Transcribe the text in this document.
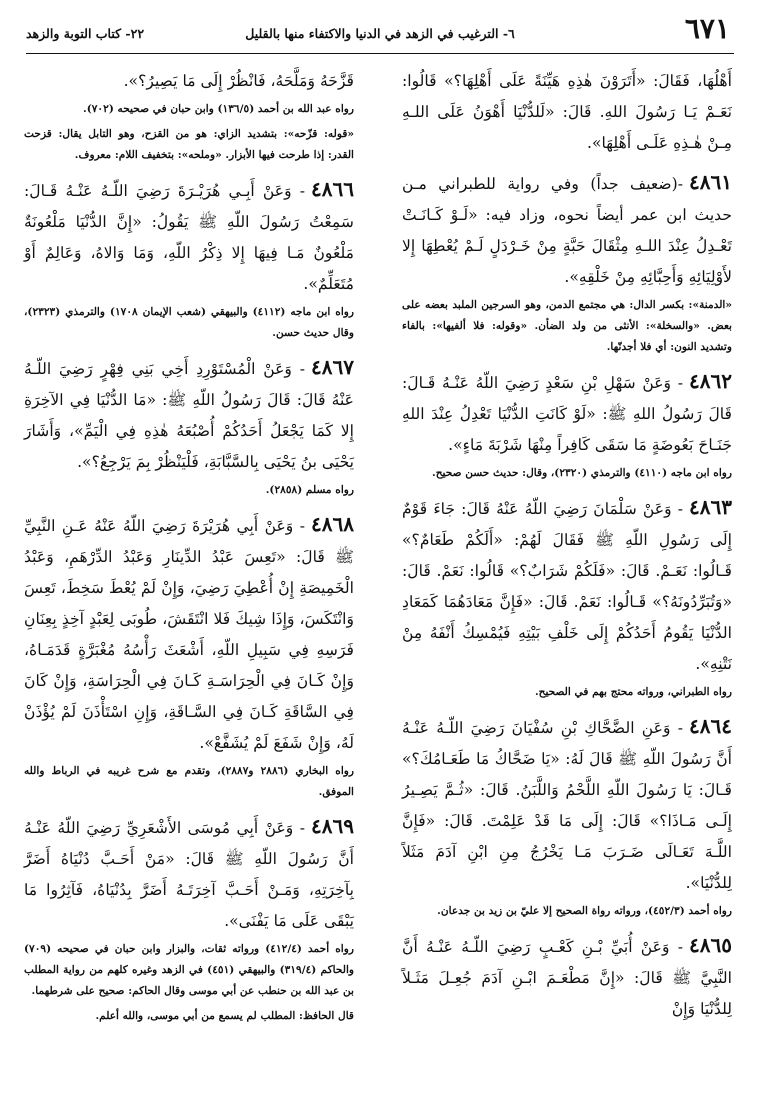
٦٧١
٦- الترغيب في الزهد في الدنيا والاكتفاء منها بالقليل
٢٢- كتاب التوبة والزهد

أَهْلُهَا، فَقَالَ: «أَتَرَوْنَ هٰذِهِ هَيِّنَةً عَلَى أَهْلِهَا؟» قَالُوا: نَعَـمْ يَـا رَسُولَ اللهِ. قَالَ: «لَلدُّنْيَا أَهْوَنُ عَلَى اللـهِ مِـنْ هٰـذِهِ عَلَـى أَهْلِهَا».

٤٨٦١-(ضعيف جداً) وفي رواية للطبراني مـن حديث ابن عمر أيضاً نحوه، وزاد فيه: «لَـوْ كَـانَـتْ تَعْـدِلُ عِنْدَ اللـهِ مِثْقَالَ حَبَّةٍ مِنْ خَـرْدَلٍ لَـمْ يُعْطِهَا إِلا لأَوْلِيَائِهِ وَأَحِبَّائِهِ مِنْ خَلْقِهِ».

«الدمنة»: بكسر الدال: هي مجتمع الدمن، وهو السرجين الملبد بعضه على بعض. «والسخلة»: الأنثى من ولد الضأن. «وقوله: فلا ألفيها»: بالفاء وتشديد النون: أي فلا أجدنّها.

٤٨٦٢- وَعَنْ سَهْلِ بْنِ سَعْدٍ رَضِيَ اللّهُ عَنْـهُ قَـالَ: قَالَ رَسُولُ اللهِ ﷺ: «لَوْ كَانَتِ الدُّنْيَا تَعْدِلُ عِنْدَ اللهِ جَنَـاحَ بَعُوضَةٍ مَا سَقَى كَافِراً مِنْهَا شَرْبَةَ مَاءٍ».

رواه ابن ماجه (٤١١٠) والترمذي (٢٣٢٠)، وقال: حديث حسن صحيح.

٤٨٦٣- وَعَنْ سَلْمَانَ رَضِيَ اللّهُ عَنْهُ قَالَ: جَاءَ قَوْمٌ إِلَى رَسُولِ اللّهِ ﷺ فَقَالَ لَهُمْ: «أَلَكُمْ طَعَامٌ؟» قَـالُوا: نَعَـمْ. قَالَ: «فَلَكُمْ شَرَابٌ؟» قَالُوا: نَعَمْ. قَالَ: «وَتُبَرِّدُونَهُ؟» قَـالُوا: نَعَمْ. قَالَ: «فَإِنَّ مَعَادَهُمَا كَمَعَادِ الدُّنْيَا يَقُومُ أَحَدُكُمْ إِلَى خَلْفِ بَيْتِهِ فَيُمْسِكُ أَنْفَهُ مِنْ نَتْنِهِ».

رواه الطبراني، ورواته محتج بهم في الصحيح.

٤٨٦٤- وَعَنِ الضَّحَّاكِ بْنِ سُفْيَانَ رَضِيَ اللّـهُ عَنْـهُ أَنَّ رَسُولَ اللّهِ ﷺ قَالَ لَهُ: «يَا ضَحَّاكُ مَا طَعَـامُكَ؟» قَـالَ: يَا رَسُولَ اللّهِ اللَّحْمُ وَاللَّبَنُ. قَالَ: «ثُـمَّ يَصِـيرُ إِلَـى مَـاذَا؟» قَالَ: إِلَى مَا قَدْ عَلِمْتَ. قَالَ: «فَإِنَّ اللَّـهَ تَعَـالَى ضَـرَبَ مَـا يَخْرُجُ مِنِ ابْنِ آدَمَ مَثَلاً لِلدُّنْيَا».

رواه أحمد (٤٥٢/٣)، ورواته رواة الصحيح إلا عليّ بن زيد بن جدعان.

٤٨٦٥- وَعَنْ أُبَيِّ بْـنِ كَعْـبٍ رَضِيَ اللّـهُ عَنْـهُ أَنَّ النَّبِيَّ ﷺ قَالَ: «إِنَّ مَطْعَـمَ ابْـنِ آدَمَ جُعِـلَ مَثَـلاً لِلدُّنْيَا وَإِنْ

قَزَّحَهُ وَمَلَّحَهُ، فَانْظُرْ إِلَى مَا يَصِيرُ؟».

رواه عبد الله بن أحمد (١٣٦/٥) وابن حبان في صحيحه (٧٠٢).
«قوله: قزّحه»: بتشديد الزاي: هو من القزح، وهو التابل يقال: قزحت القدر: إذا طرحت فيها الأبزار. «وملحه»: بتخفيف اللام: معروف.

٤٨٦٦- وَعَنْ أَبِـي هُرَيْـرَةَ رَضِيَ اللّـهُ عَنْـهُ قَـالَ: سَمِعْتُ رَسُولَ اللّهِ ﷺ يَقُولُ: «إِنَّ الدُّنْيَا مَلْعُونَةٌ مَلْعُونٌ مَـا فِيهَا إِلا ذِكْرُ اللّهِ، وَمَا وَالاهُ، وَعَالِمٌ أَوْ مُتَعَلِّمٌ».

رواه ابن ماجه (٤١١٢) والبيهقي (شعب الإيمان ١٧٠٨) والترمذي (٢٣٢٣)، وقال حديث حسن.

٤٨٦٧- وَعَنْ الْمُسْتَوْرِدِ أَخِي بَنِي فِهْرٍ رَضِيَ اللّـهُ عَنْهُ قَالَ: قَالَ رَسُولُ اللّهِ ﷺ: «مَا الدُّنْيَا فِي الآخِرَةِ إِلا كَمَا يَجْعَلُ أَحَدُكُمْ أُصْبُعَهُ هٰذِهِ فِي الْيَمِّ»، وَأَشَارَ يَحْيَى بنُ يَحْيَى بِالسَّبَّابَةِ، فَلْيَنْظُرْ بِمَ يَرْجِعُ؟».

رواه مسلم (٢٨٥٨).

٤٨٦٨- وَعَنْ أَبِي هُرَيْرَةَ رَضِيَ اللّهُ عَنْهُ عَـنِ النَّبِيِّ ﷺ قَالَ: «تَعِسَ عَبْدُ الدِّينَارِ وَعَبْدُ الدِّرْهَمِ، وَعَبْدُ الْخَمِيصَةِ إِنْ أُعْطِيَ رَضِيَ، وَإِنْ لَمْ يُعْطَ سَخِطَ، تَعِسَ وَانْتَكَسَ، وَإِذَا شِيكَ فَلا انْتَقَشَ، طُوبَى لِعَبْدٍ آخِذٍ بِعِنَانِ فَرَسِهِ فِي سَبِيلِ اللّهِ، أَشْعَثَ رَأْسُهُ مُغْبَرَّةٍ قَدَمَـاهُ، وَإِنْ كَـانَ فِي الْحِرَاسَـةِ كَـانَ فِي الْحِرَاسَةِ، وَإِنْ كَانَ فِي السَّاقَةِ كَـانَ فِي السَّـاقَةِ، وَإِنِ اسْتَأْذَنَ لَمْ يُؤْذَنْ لَهُ، وَإِنْ شَفَعَ لَمْ يُشَفَّعْ».

رواه البخاري (٢٨٨٦ و٢٨٨٧)، وتقدم مع شرح غريبه في الرباط والله الموفق.

٤٨٦٩- وَعَنْ أَبِي مُوسَى الأَشْعَرِيِّ رَضِيَ اللّهُ عَنْـهُ أَنَّ رَسُولَ اللّهِ ﷺ قَالَ: «مَنْ أَحَـبَّ دُنْيَاهُ أَضَرَّ بِآخِرَتِهِ، وَمَـنْ أَحَـبَّ آخِرَتَـهُ أَضَرَّ بِدُنْيَاهُ، فَآثِرُوا مَا يَبْقَى عَلَى مَا يَفْنَى».

رواه أحمد (٤١٢/٤) ورواته ثقات، والبزار وابن حبان في صحيحه (٧٠٩) والحاكم (٣١٩/٤) والبيهقي (٤٥١) في الزهد وغيره كلهم من رواية المطلب بن عبد الله بن حنطب عن أبي موسى وقال الحاكم: صحيح على شرطهما.
قال الحافظ: المطلب لم يسمع من أبي موسى، والله أعلم.
